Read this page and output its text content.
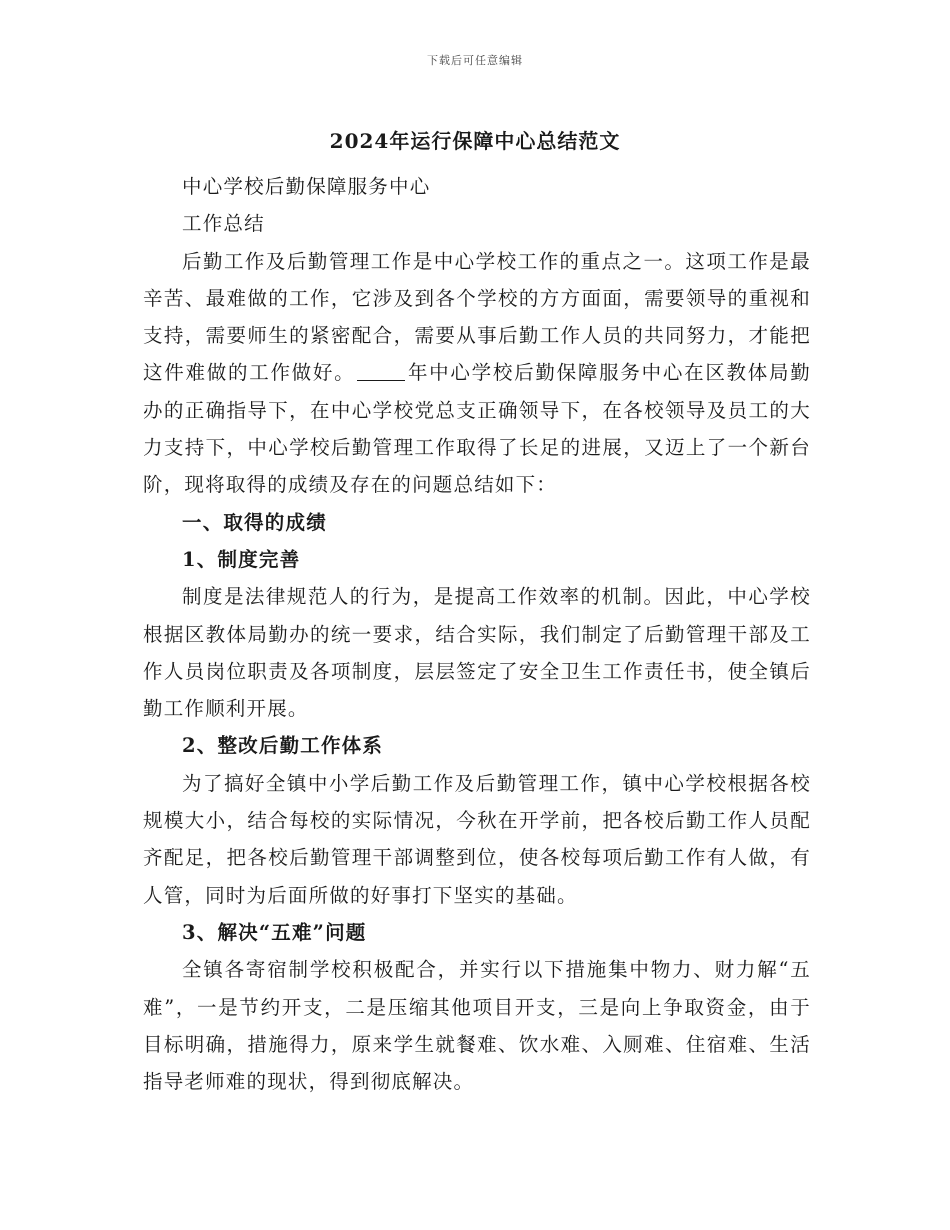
下载后可任意编辑
2024年运行保障中心总结范文

中心学校后勤保障服务中心

工作总结

后勤工作及后勤管理工作是中心学校工作的重点之一。这项工作是最辛苦、最难做的工作，它涉及到各个学校的方方面面，需要领导的重视和支持，需要师生的紧密配合，需要从事后勤工作人员的共同努力，才能把这件难做的工作做好。	年中心学校后勤保障服务中心在区教体局勤办的正确指导下，在中心学校党总支正确领导下，在各校领导及员工的大力支持下，中心学校后勤管理工作取得了长足的进展，又迈上了一个新台阶，现将取得的成绩及存在的问题总结如下：

一、取得的成绩

1、制度完善

制度是法律规范人的行为，是提高工作效率的机制。因此，中心学校根据区教体局勤办的统一要求，结合实际，我们制定了后勤管理干部及工作人员岗位职责及各项制度，层层签定了安全卫生工作责任书，使全镇后勤工作顺利开展。

2、整改后勤工作体系

为了搞好全镇中小学后勤工作及后勤管理工作，镇中心学校根据各校规模大小，结合每校的实际情况，今秋在开学前，把各校后勤工作人员配齐配足，把各校后勤管理干部调整到位，使各校每项后勤工作有人做，有人管，同时为后面所做的好事打下坚实的基础。

3、解决“五难”问题

全镇各寄宿制学校积极配合，并实行以下措施集中物力、财力解“五难”，一是节约开支，二是压缩其他项目开支，三是向上争取资金，由于目标明确，措施得力，原来学生就餐难、饮水难、入厕难、住宿难、生活指导老师难的现状，得到彻底解决。
